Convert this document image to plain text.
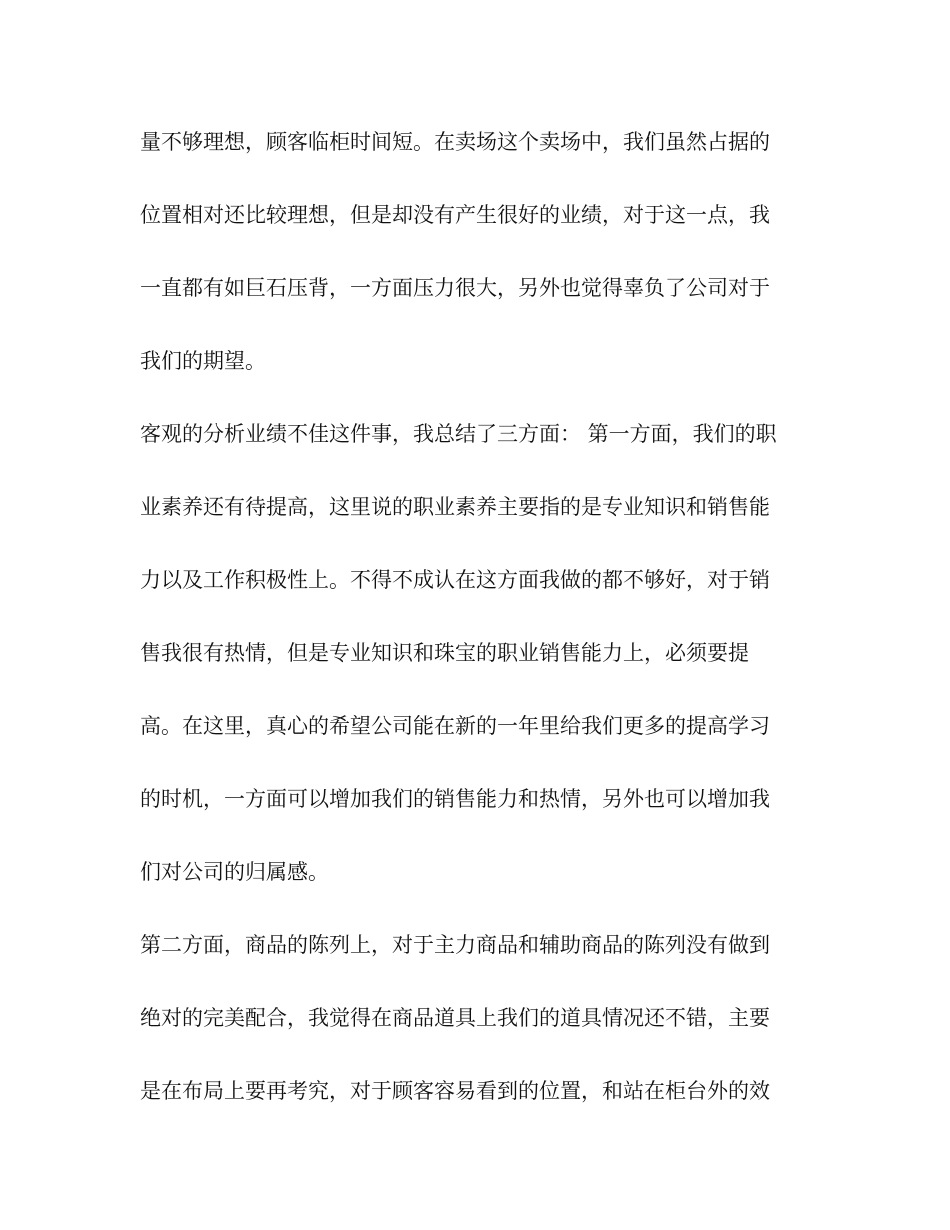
量不够理想，顾客临柜时间短。在卖场这个卖场中，我们虽然占据的
位置相对还比较理想，但是却没有产生很好的业绩，对于这一点，我
一直都有如巨石压背，一方面压力很大，另外也觉得辜负了公司对于
我们的期望。
客观的分析业绩不佳这件事，我总结了三方面： 第一方面，我们的职
业素养还有待提高，这里说的职业素养主要指的是专业知识和销售能
力以及工作积极性上。不得不成认在这方面我做的都不够好，对于销
售我很有热情，但是专业知识和珠宝的职业销售能力上，必须要提
高。在这里，真心的希望公司能在新的一年里给我们更多的提高学习
的时机，一方面可以增加我们的销售能力和热情，另外也可以增加我
们对公司的归属感。
第二方面，商品的陈列上，对于主力商品和辅助商品的陈列没有做到
绝对的完美配合，我觉得在商品道具上我们的道具情况还不错，主要
是在布局上要再考究，对于顾客容易看到的位置，和站在柜台外的效
